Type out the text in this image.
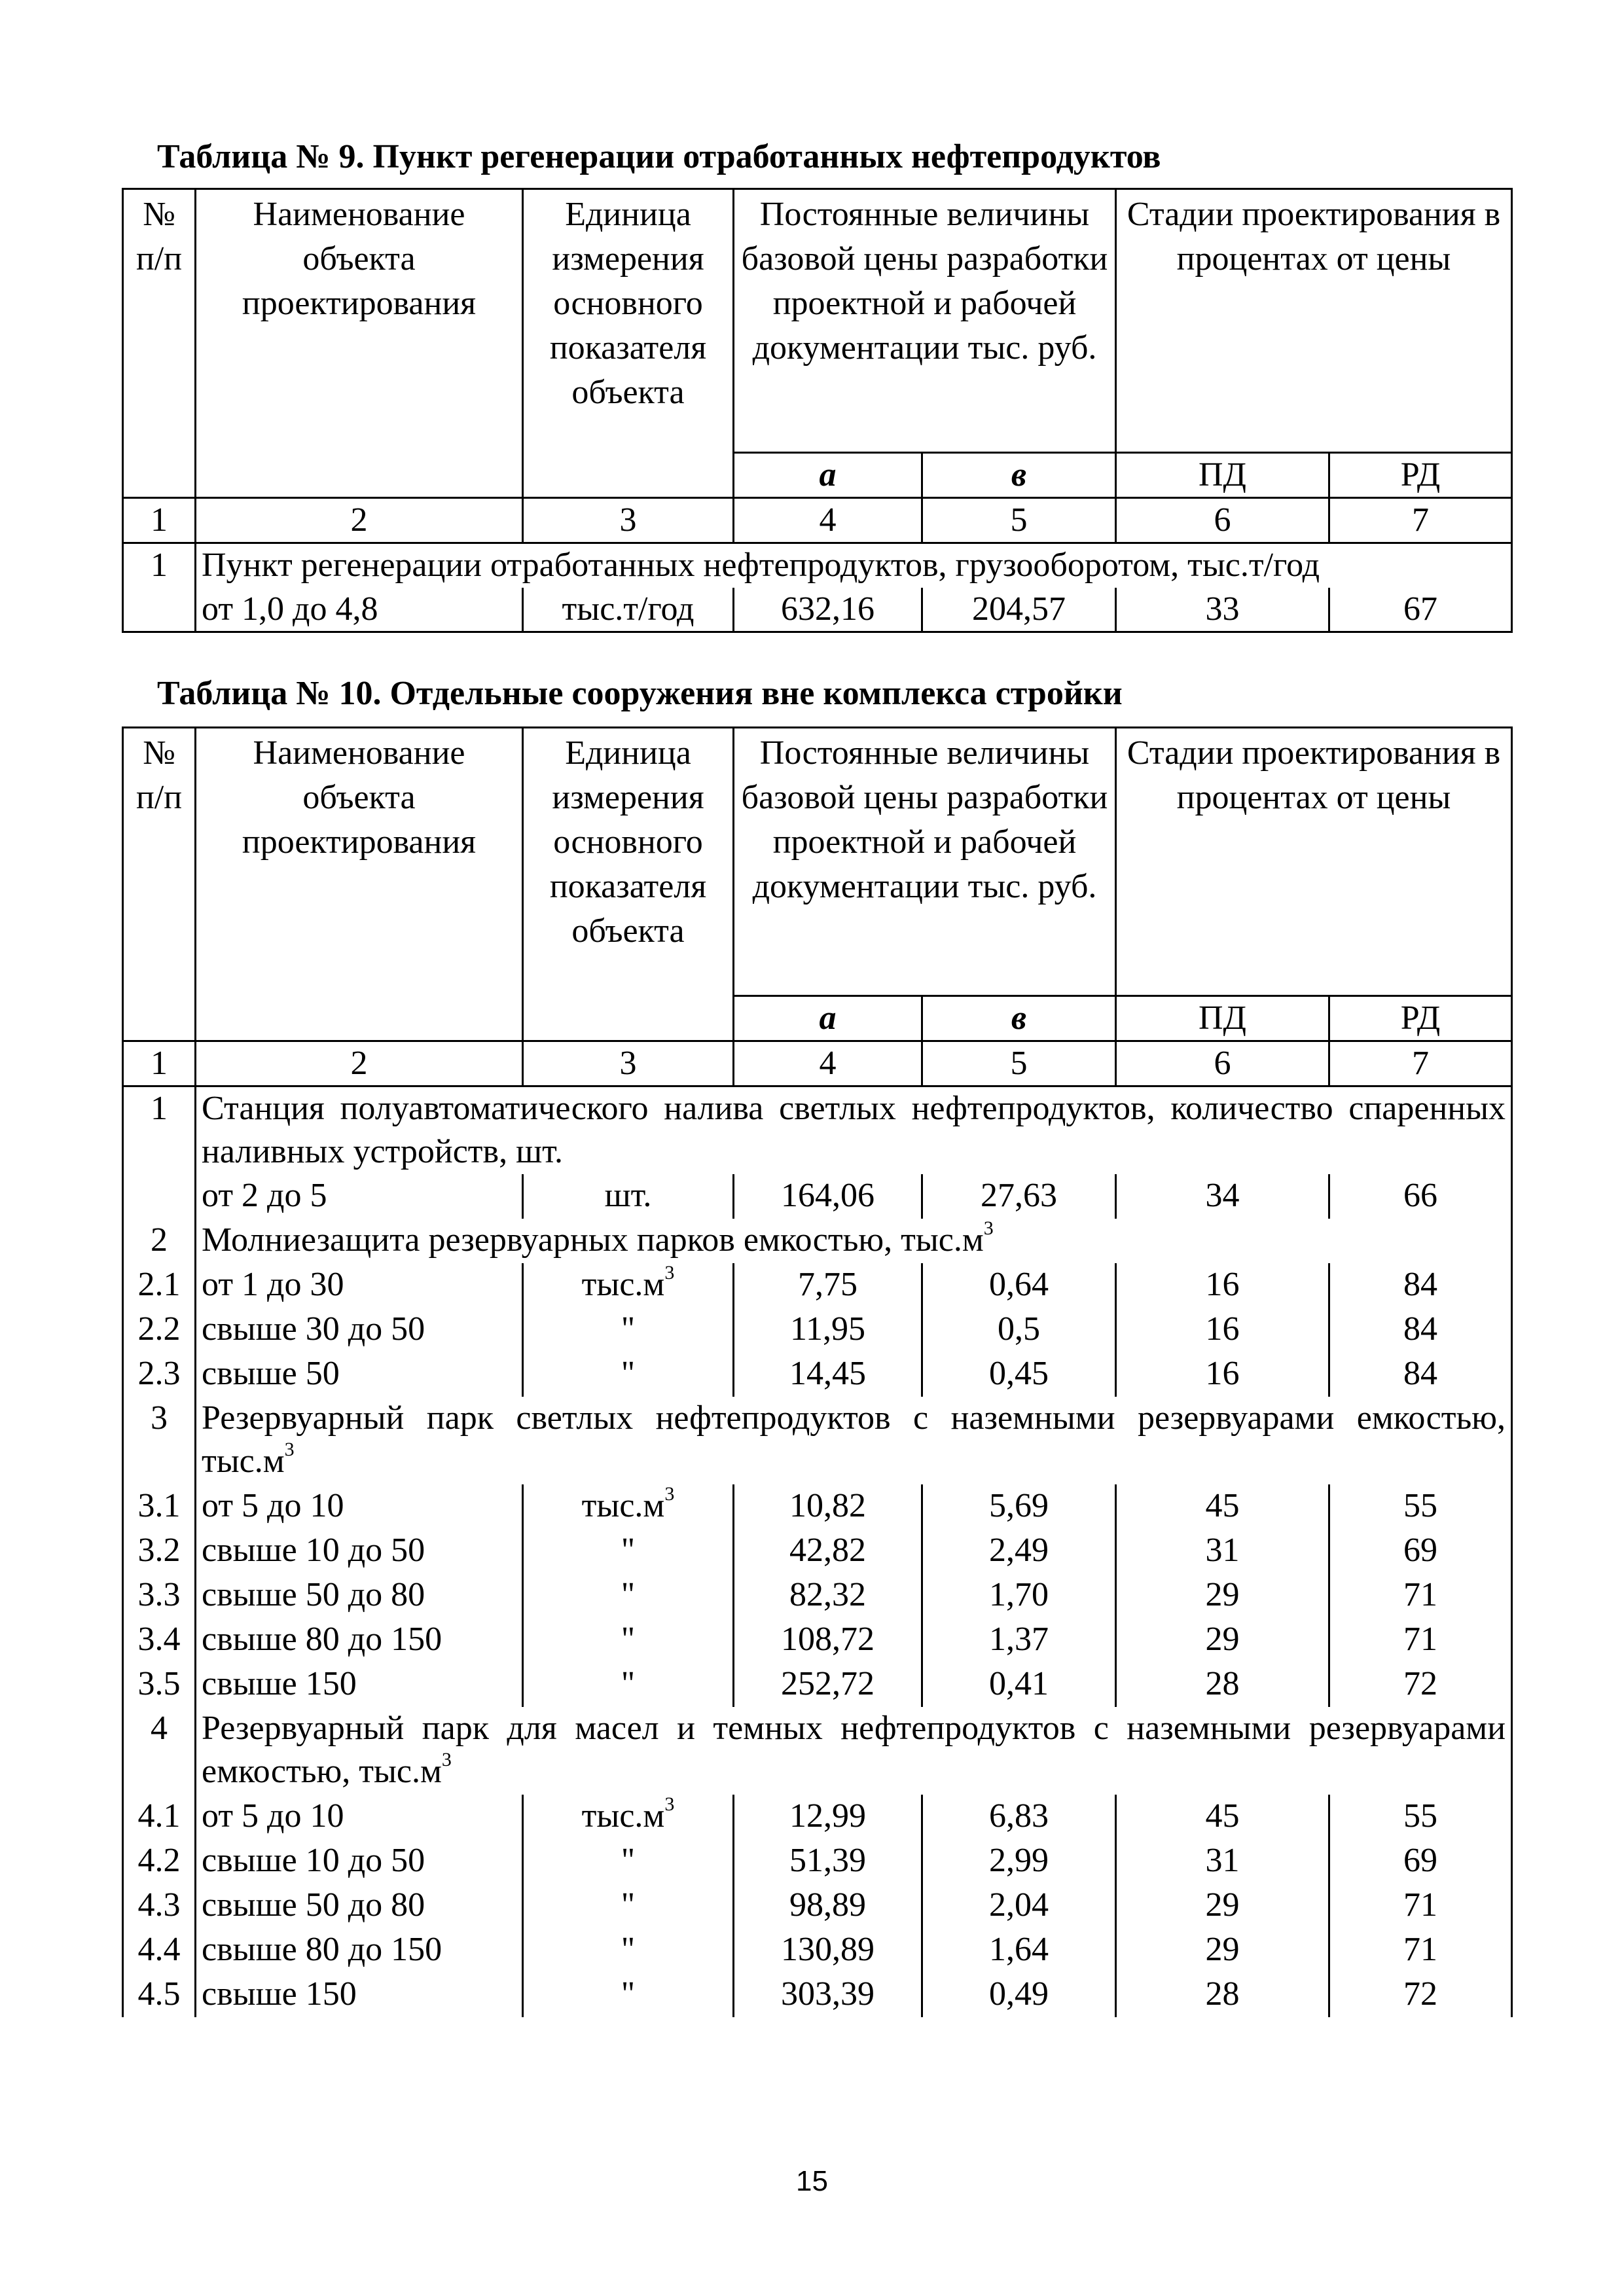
Таблица № 9. Пункт регенерации отработанных нефтепродуктов
№ п/п	Наименование объекта проектирования	Единица измерения основного показателя объекта	Постоянные величины базовой цены разработки проектной и рабочей документации тыс. руб.		Стадии проектирования в процентах от цены	
			а	в	ПД	РД
1	2	3	4	5	6	7
1	Пункт регенерации отработанных нефтепродуктов, грузооборотом, тыс.т/год					
	от 1,0 до 4,8	тыс.т/год	632,16	204,57	33	67
Таблица № 10. Отдельные сооружения вне комплекса стройки
№ п/п	Наименование объекта проектирования	Единица измерения основного показателя объекта	Постоянные величины базовой цены разработки проектной и рабочей документации тыс. руб.		Стадии проектирования в процентах от цены	
			а	в	ПД	РД
1	2	3	4	5	6	7
1	Станция полуавтоматического налива светлых нефтепродуктов, количество спаренных наливных устройств, шт.					
	от 2 до 5	шт.	164,06	27,63	34	66
2	Молниезащита резервуарных парков емкостью, $тыс.м^3$
2.1	от 1 до 30	$тыс.м^3$	7,75	0,64	16	84
2.2	свыше 30 до 50	"	11,95	0,5	16	84
2.3	свыше 50	"	14,45	0,45	16	84
3	Резервуарный парк светлых нефтепродуктов с наземными резервуарами емкостью, $тыс.м^3$
3.1	от 5 до 10	$тыс.м^3$	10,82	5,69	45	55
3.2	свыше 10 до 50	"	42,82	2,49	31	69
3.3	свыше 50 до 80	"	82,32	1,70	29	71
3.4	свыше 80 до 150	"	108,72	1,37	29	71
3.5	свыше 150	"	252,72	0,41	28	72
4	Резервуарный парк для масел и темных нефтепродуктов с наземными резервуарами емкостью, $тыс.м^3$
4.1	от 5 до 10	$тыс.м^3$	12,99	6,83	45	55
4.2	свыше 10 до 50	"	51,39	2,99	31	69
4.3	свыше 50 до 80	"	98,89	2,04	29	71
4.4	свыше 80 до 150	"	130,89	1,64	29	71
4.5	свыше 150	"	303,39	0,49	28	72
15
